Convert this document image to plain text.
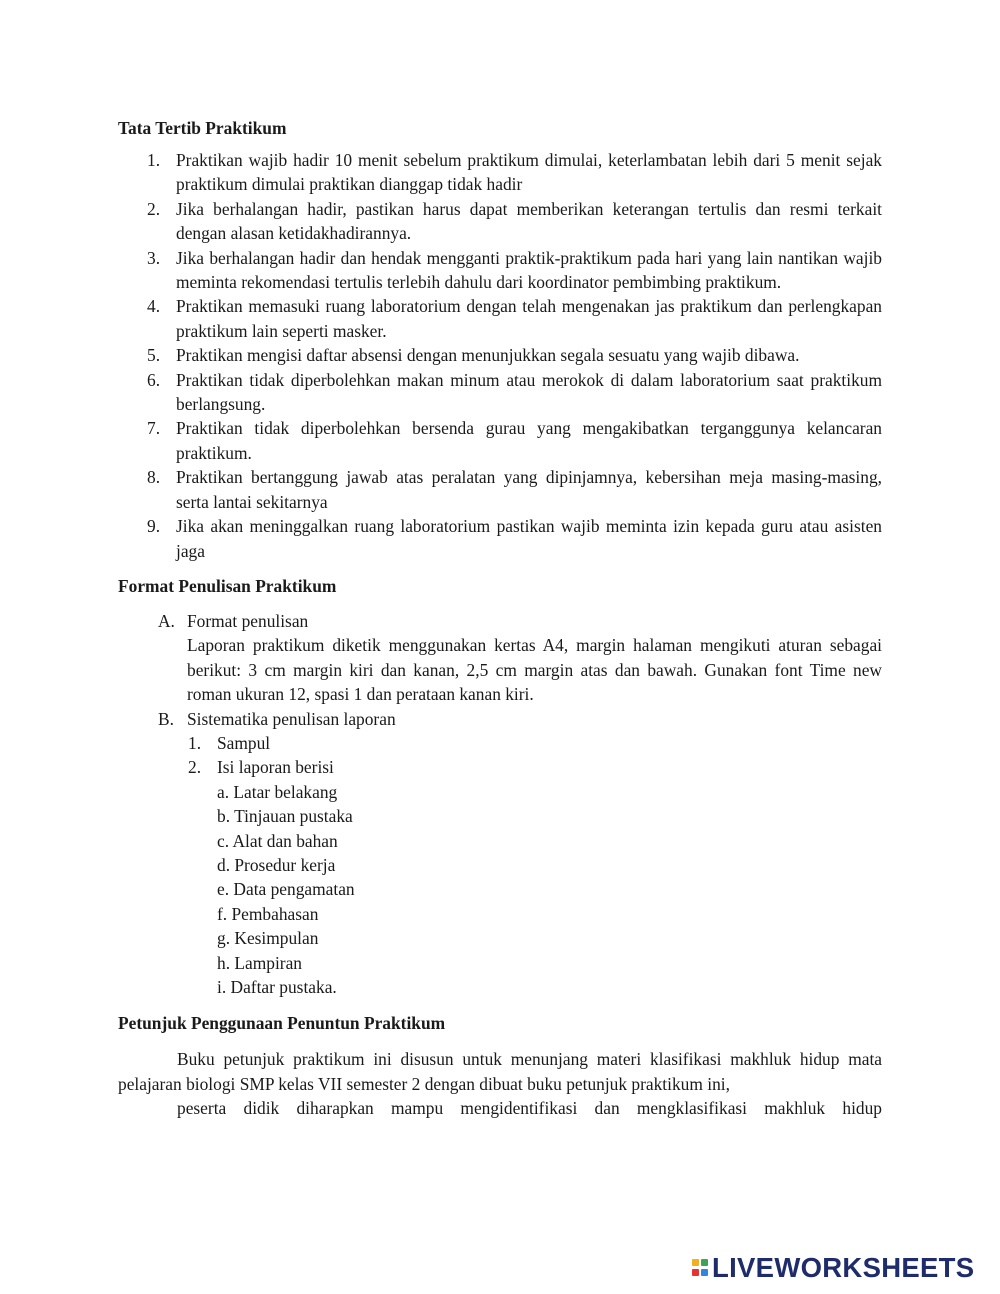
Tata Tertib Praktikum
1. Praktikan wajib hadir 10 menit sebelum praktikum dimulai, keterlambatan lebih dari 5 menit sejak praktikum dimulai praktikan dianggap tidak hadir
2. Jika berhalangan hadir, pastikan harus dapat memberikan keterangan tertulis dan resmi terkait dengan alasan ketidakhadirannya.
3. Jika berhalangan hadir dan hendak mengganti praktik-praktikum pada hari yang lain nantikan wajib meminta rekomendasi tertulis terlebih dahulu dari koordinator pembimbing praktikum.
4. Praktikan memasuki ruang laboratorium dengan telah mengenakan jas praktikum dan perlengkapan praktikum lain seperti masker.
5. Praktikan mengisi daftar absensi dengan menunjukkan segala sesuatu yang wajib dibawa.
6. Praktikan tidak diperbolehkan makan minum atau merokok di dalam laboratorium saat praktikum berlangsung.
7. Praktikan tidak diperbolehkan bersenda gurau yang mengakibatkan terganggunya kelancaran praktikum.
8. Praktikan bertanggung jawab atas peralatan yang dipinjamnya, kebersihan meja masing-masing, serta lantai sekitarnya
9. Jika akan meninggalkan ruang laboratorium pastikan wajib meminta izin kepada guru atau asisten jaga
Format Penulisan Praktikum
A. Format penulisan
Laporan praktikum diketik menggunakan kertas A4, margin halaman mengikuti aturan sebagai berikut: 3 cm margin kiri dan kanan, 2,5 cm margin atas dan bawah. Gunakan font Time new roman ukuran 12, spasi 1 dan perataan kanan kiri.
B. Sistematika penulisan laporan
1. Sampul
2. Isi laporan berisi
a. Latar belakang
b. Tinjauan pustaka
c. Alat dan bahan
d. Prosedur kerja
e. Data pengamatan
f. Pembahasan
g. Kesimpulan
h. Lampiran
i. Daftar pustaka.
Petunjuk Penggunaan Penuntun Praktikum
Buku petunjuk praktikum ini disusun untuk menunjang materi klasifikasi makhluk hidup mata pelajaran biologi SMP kelas VII semester 2 dengan dibuat buku petunjuk praktikum ini,
peserta didik diharapkan mampu mengidentifikasi dan mengklasifikasi makhluk hidup
LIVEWORKSHEETS
